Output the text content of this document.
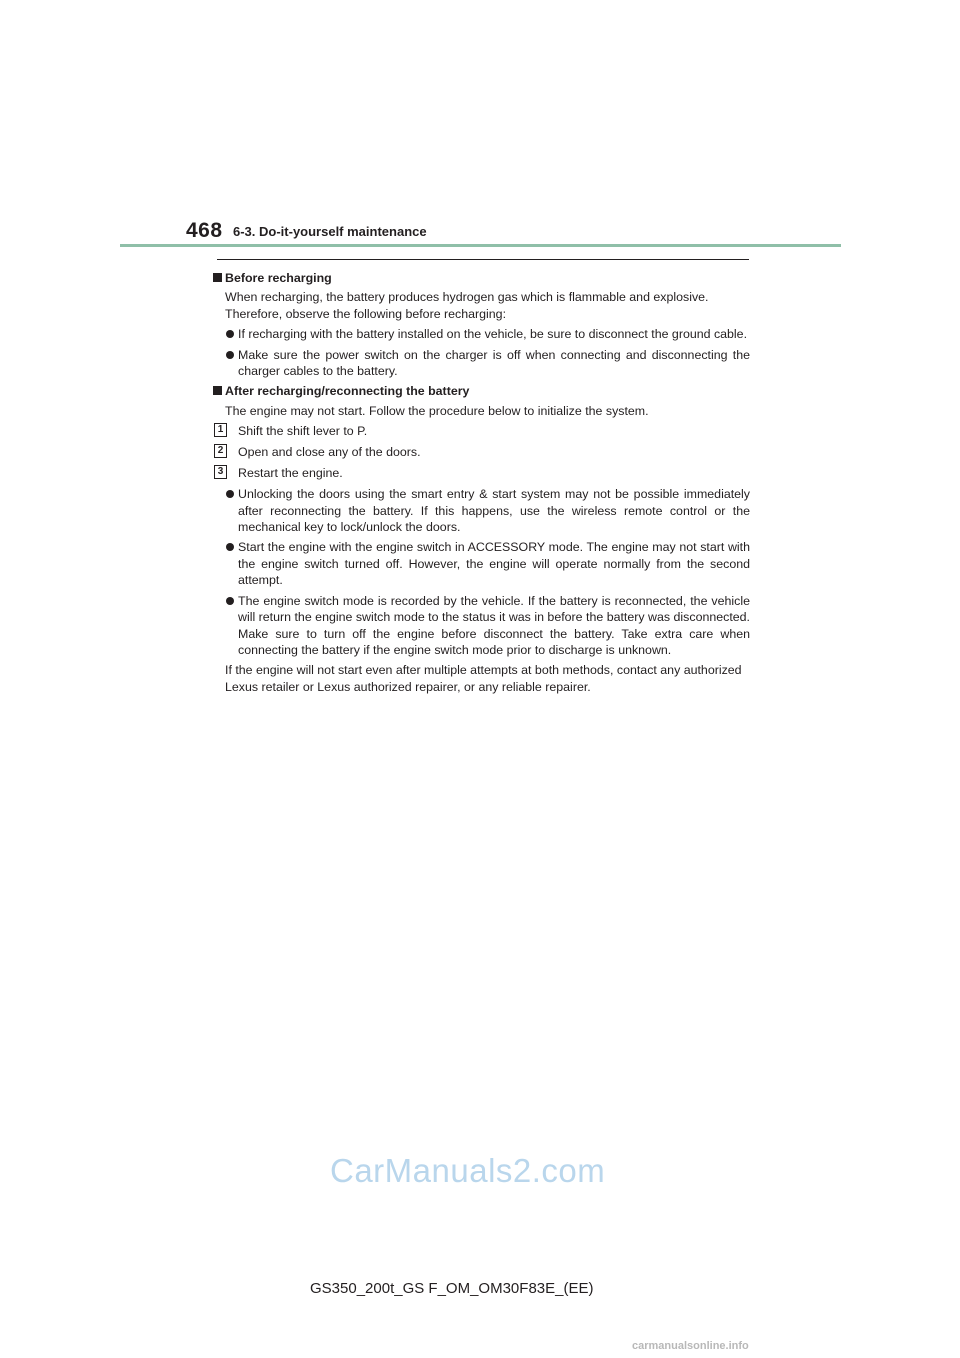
468 6-3. Do-it-yourself maintenance
Before recharging
When recharging, the battery produces hydrogen gas which is flammable and explosive. Therefore, observe the following before recharging:
If recharging with the battery installed on the vehicle, be sure to disconnect the ground cable.
Make sure the power switch on the charger is off when connecting and disconnecting the charger cables to the battery.
After recharging/reconnecting the battery
The engine may not start. Follow the procedure below to initialize the system.
1 Shift the shift lever to P.
2 Open and close any of the doors.
3 Restart the engine.
Unlocking the doors using the smart entry & start system may not be possible immediately after reconnecting the battery. If this happens, use the wireless remote control or the mechanical key to lock/unlock the doors.
Start the engine with the engine switch in ACCESSORY mode. The engine may not start with the engine switch turned off. However, the engine will operate normally from the second attempt.
The engine switch mode is recorded by the vehicle. If the battery is reconnected, the vehicle will return the engine switch mode to the status it was in before the battery was disconnected. Make sure to turn off the engine before disconnect the battery. Take extra care when connecting the battery if the engine switch mode prior to discharge is unknown.
If the engine will not start even after multiple attempts at both methods, contact any authorized Lexus retailer or Lexus authorized repairer, or any reliable repairer.
CarManuals2.com
GS350_200t_GS F_OM_OM30F83E_(EE)
carmanualsonline.info
